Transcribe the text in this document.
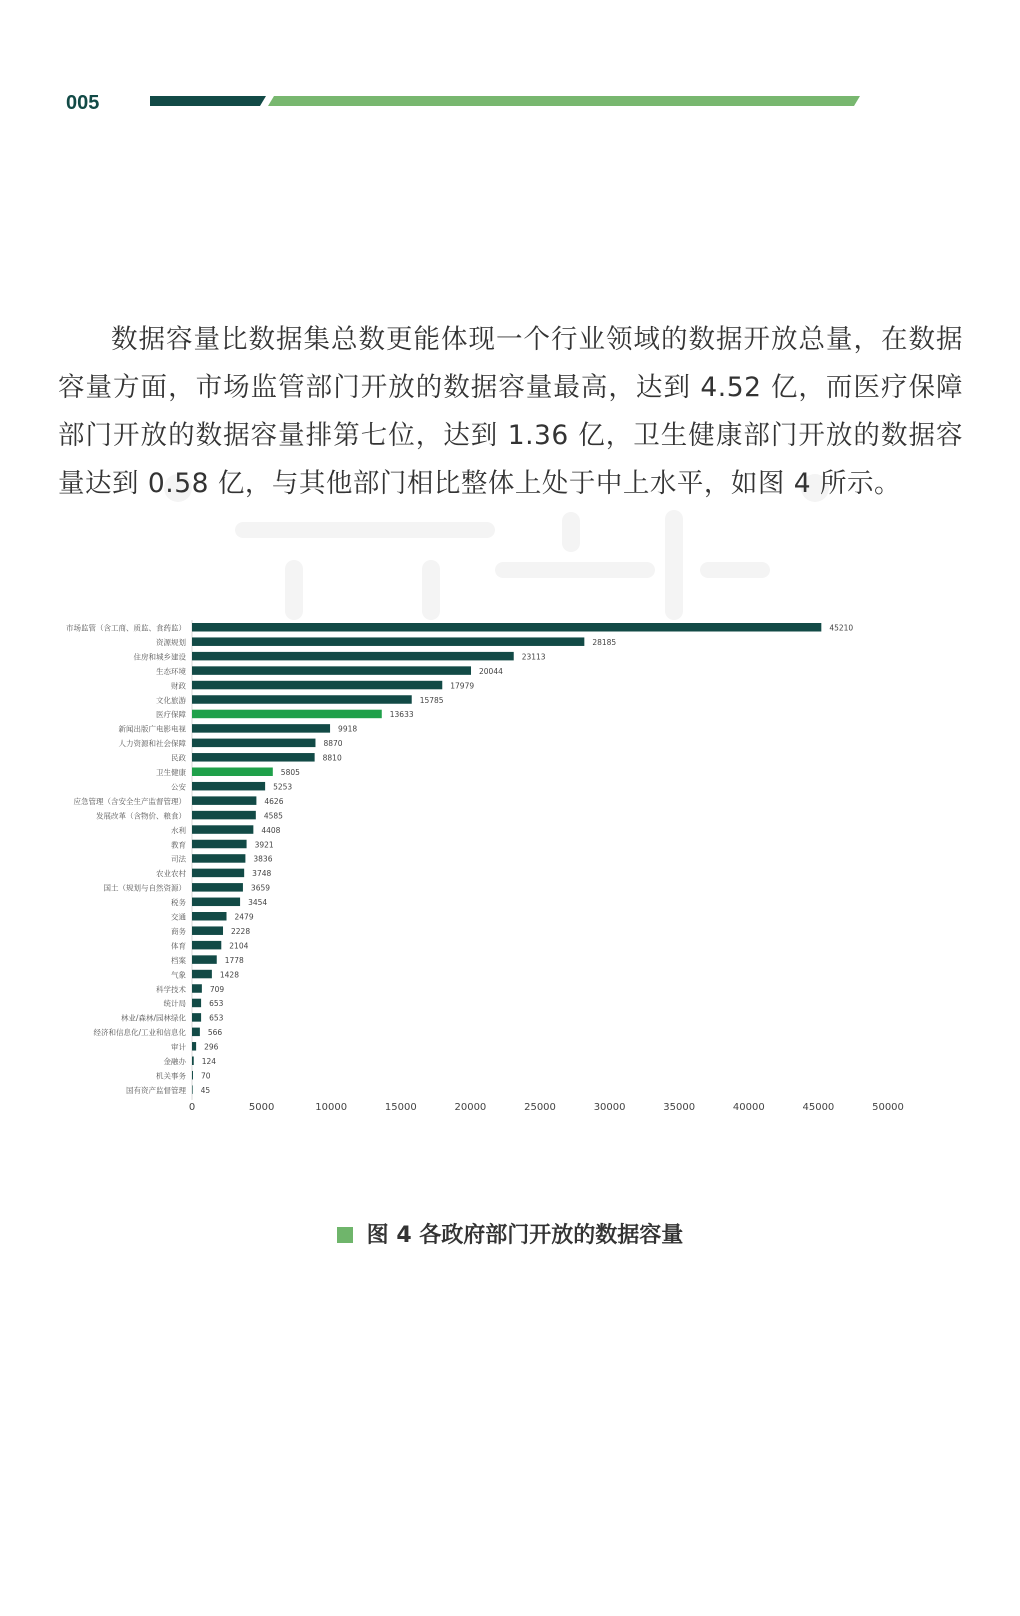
005
数据容量比数据集总数更能体现一个行业领域的数据开放总量，在数据容量方面，市场监管部门开放的数据容量最高，达到 4.52 亿，而医疗保障部门开放的数据容量排第七位，达到 1.36 亿，卫生健康部门开放的数据容量达到 0.58 亿，与其他部门相比整体上处于中上水平，如图 4 所示。
市场监管（含工商、质监、食药监）	45210
资源规划	28185
住房和城乡建设	23113
生态环境	20044
财政	17979
文化旅游	15785
医疗保障	13633
新闻出版广电影电视	9918
人力资源和社会保障	8870
民政	8810
卫生健康	5805
公安	5253
应急管理（含安全生产监督管理）	4626
发展改革（含物价、粮食）	4585
水利	4408
教育	3921
司法	3836
农业农村	3748
国土（规划与自然资源）	3659
税务	3454
交通	2479
商务	2228
体育	2104
档案	1778
气象	1428
科学技术	709
统计局	653
林业/森林/园林绿化	653
经济和信息化/工业和信息化	566
审计 296
金融办 124
机关事务 70
国有资产监督管理 45
0	5000	10000	15000	20000	25000	30000	35000	40000	45000	50000
图 4 各政府部门开放的数据容量
